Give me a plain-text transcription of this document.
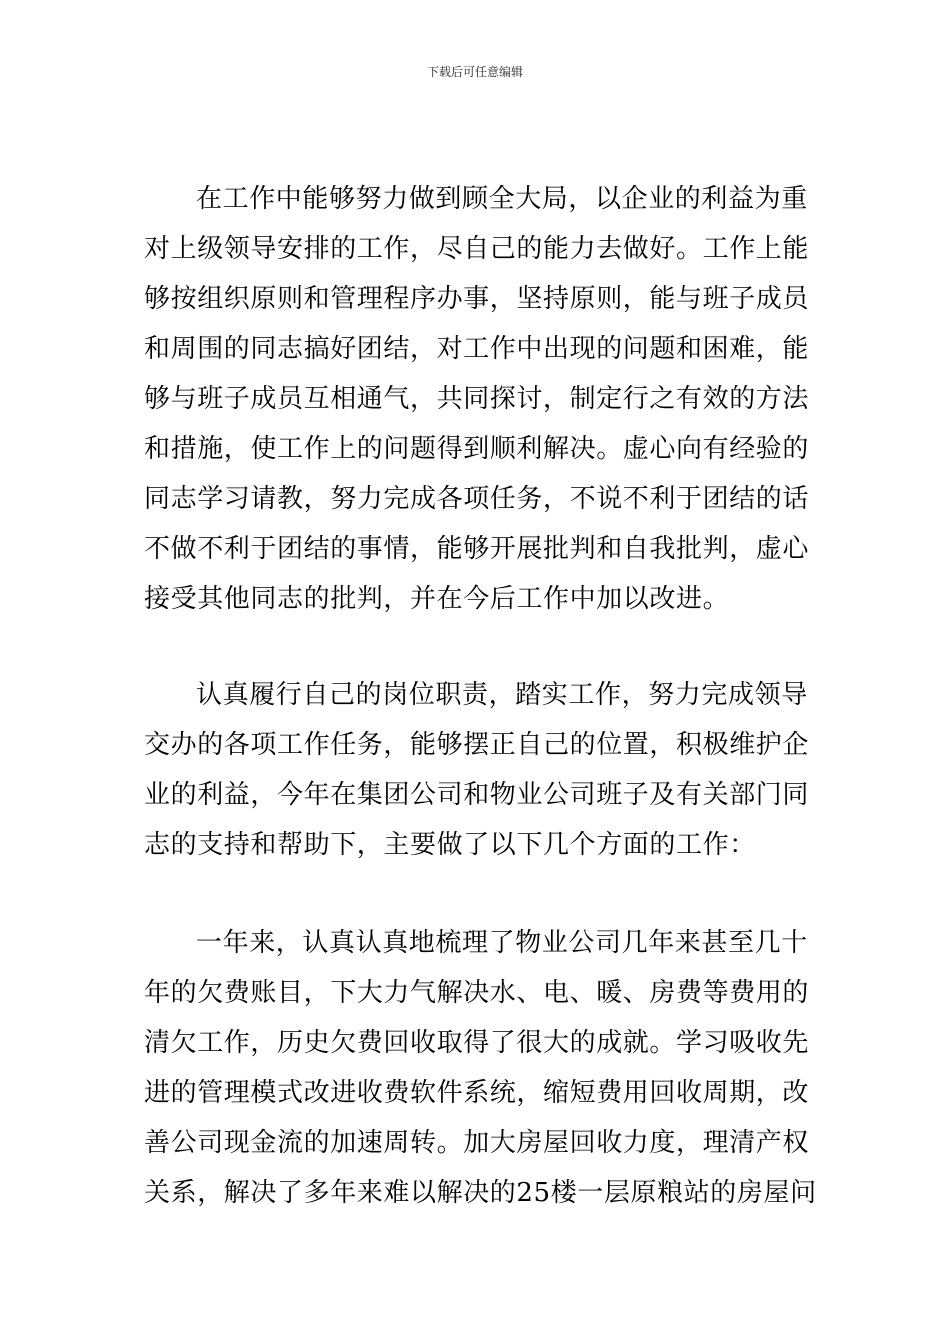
下载后可任意编辑
在工作中能够努力做到顾全大局，以企业的利益为重
对上级领导安排的工作，尽自己的能力去做好。工作上能
够按组织原则和管理程序办事，坚持原则，能与班子成员
和周围的同志搞好团结，对工作中出现的问题和困难，能
够与班子成员互相通气，共同探讨，制定行之有效的方法
和措施，使工作上的问题得到顺利解决。虚心向有经验的
同志学习请教，努力完成各项任务，不说不利于团结的话
不做不利于团结的事情，能够开展批判和自我批判，虚心
接受其他同志的批判，并在今后工作中加以改进。
认真履行自己的岗位职责，踏实工作，努力完成领导
交办的各项工作任务，能够摆正自己的位置，积极维护企
业的利益，今年在集团公司和物业公司班子及有关部门同
志的支持和帮助下，主要做了以下几个方面的工作：
一年来，认真认真地梳理了物业公司几年来甚至几十
年的欠费账目，下大力气解决水、电、暖、房费等费用的
清欠工作，历史欠费回收取得了很大的成就。学习吸收先
进的管理模式改进收费软件系统，缩短费用回收周期，改
善公司现金流的加速周转。加大房屋回收力度，理清产权
关系，解决了多年来难以解决的25楼一层原粮站的房屋问
